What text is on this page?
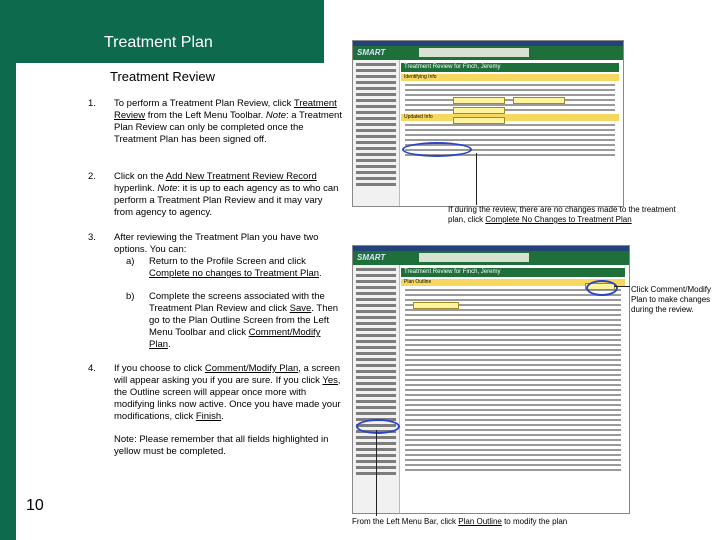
Treatment Plan
Treatment Review
1. To perform a Treatment Plan Review, click Treatment Review from the Left Menu Toolbar. Note: a Treatment Plan Review can only be completed once the Treatment Plan has been signed off.
2. Click on the Add New Treatment Review Record hyperlink. Note: it is up to each agency as to who can perform a Treatment Plan Review and it may vary from agency to agency.
3. After reviewing the Treatment Plan you have two options. You can:
a) Return to the Profile Screen and click Complete no changes to Treatment Plan.
b) Complete the screens associated with the Treatment Plan Review and click Save. Then go to the Plan Outline Screen from the Left Menu Toolbar and click Comment/Modify Plan.
4. If you choose to click Comment/Modify Plan, a screen will appear asking you if you are sure. If you click Yes, the Outline screen will appear once more with modifying links now active. Once you have made your modifications, click Finish.
Note: Please remember that all fields highlighted in yellow must be completed.
10
SMART
Treatment Review for Finch, Jeremy
Identifying Info
Updated Info
SMART
Treatment Review for Finch, Jeremy
Plan Outline
If during the review, there are no changes made to the treatment plan, click Complete No Changes to Treatment Plan
Click Comment/Modify Plan to make changes during the review.
From the Left Menu Bar, click Plan Outline to modify the plan
